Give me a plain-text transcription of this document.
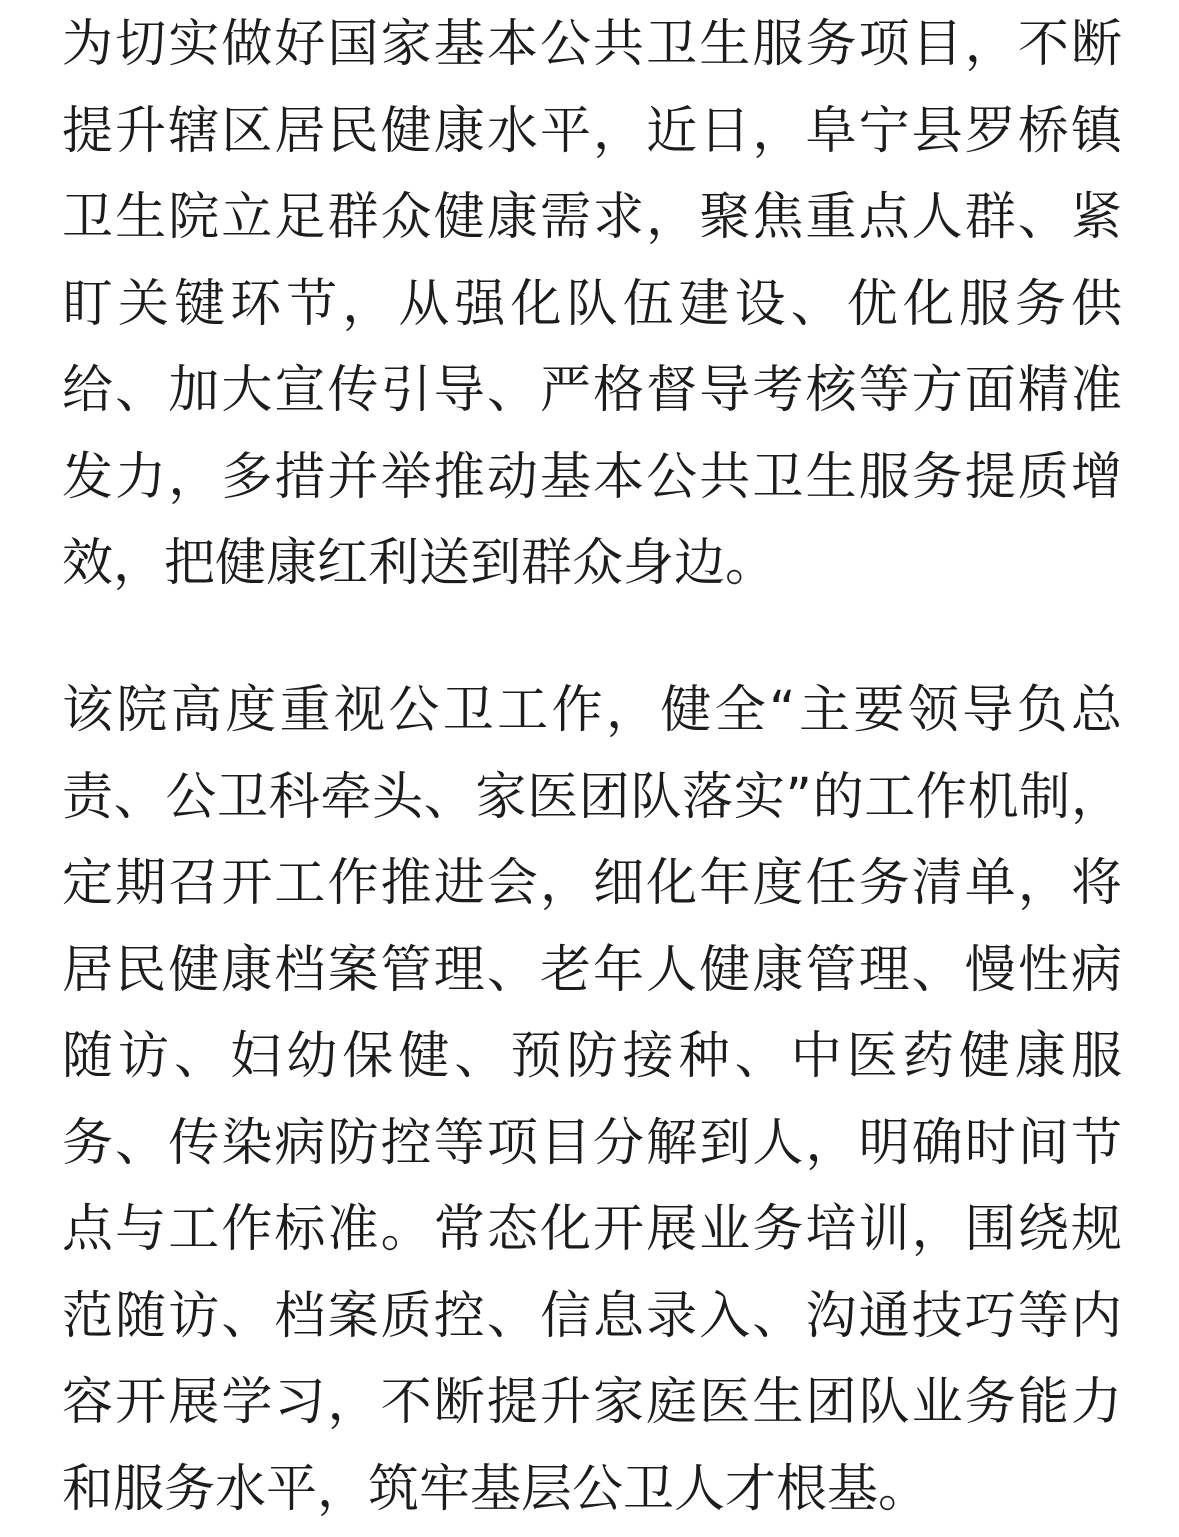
为切实做好国家基本公共卫生服务项目，不断
提升辖区居民健康水平，近日，阜宁县罗桥镇
卫生院立足群众健康需求，聚焦重点人群、紧
盯关键环节，从强化队伍建设、优化服务供
给、加大宣传引导、严格督导考核等方面精准
发力，多措并举推动基本公共卫生服务提质增
效，把健康红利送到群众身边。
该院高度重视公卫工作，健全“主要领导负总
责、公卫科牵头、家医团队落实”的工作机制，
定期召开工作推进会，细化年度任务清单，将
居民健康档案管理、老年人健康管理、慢性病
随访、妇幼保健、预防接种、中医药健康服
务、传染病防控等项目分解到人，明确时间节
点与工作标准。常态化开展业务培训，围绕规
范随访、档案质控、信息录入、沟通技巧等内
容开展学习，不断提升家庭医生团队业务能力
和服务水平，筑牢基层公卫人才根基。
